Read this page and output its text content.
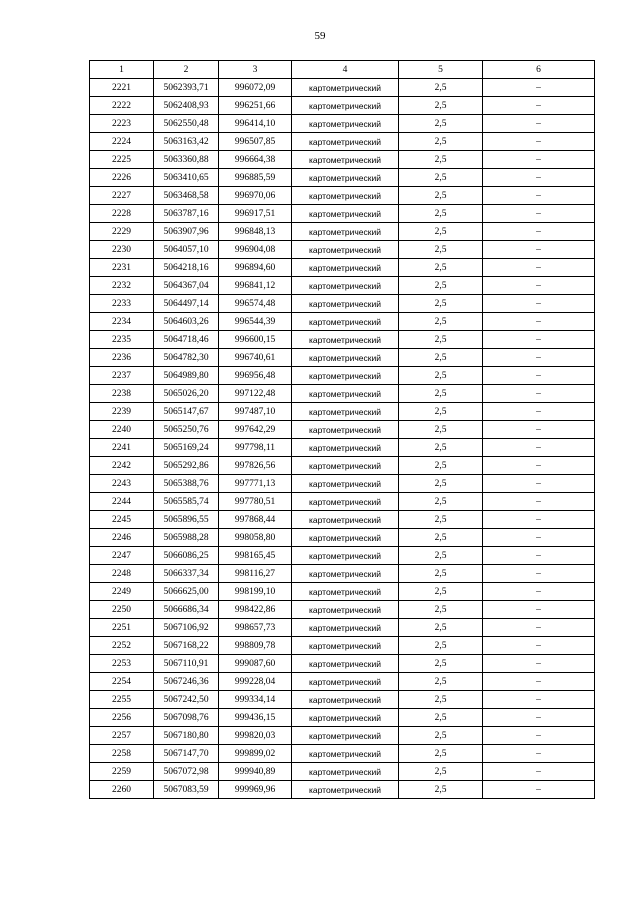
59
1	2	3	4	5	6
2221	5062393,71	996072,09	картометрический	2,5	–
2222	5062408,93	996251,66	картометрический	2,5	–
2223	5062550,48	996414,10	картометрический	2,5	–
2224	5063163,42	996507,85	картометрический	2,5	–
2225	5063360,88	996664,38	картометрический	2,5	–
2226	5063410,65	996885,59	картометрический	2,5	–
2227	5063468,58	996970,06	картометрический	2,5	–
2228	5063787,16	996917,51	картометрический	2,5	–
2229	5063907,96	996848,13	картометрический	2,5	–
2230	5064057,10	996904,08	картометрический	2,5	–
2231	5064218,16	996894,60	картометрический	2,5	–
2232	5064367,04	996841,12	картометрический	2,5	–
2233	5064497,14	996574,48	картометрический	2,5	–
2234	5064603,26	996544,39	картометрический	2,5	–
2235	5064718,46	996600,15	картометрический	2,5	–
2236	5064782,30	996740,61	картометрический	2,5	–
2237	5064989,80	996956,48	картометрический	2,5	–
2238	5065026,20	997122,48	картометрический	2,5	–
2239	5065147,67	997487,10	картометрический	2,5	–
2240	5065250,76	997642,29	картометрический	2,5	–
2241	5065169,24	997798,11	картометрический	2,5	–
2242	5065292,86	997826,56	картометрический	2,5	–
2243	5065388,76	997771,13	картометрический	2,5	–
2244	5065585,74	997780,51	картометрический	2,5	–
2245	5065896,55	997868,44	картометрический	2,5	–
2246	5065988,28	998058,80	картометрический	2,5	–
2247	5066086,25	998165,45	картометрический	2,5	–
2248	5066337,34	998116,27	картометрический	2,5	–
2249	5066625,00	998199,10	картометрический	2,5	–
2250	5066686,34	998422,86	картометрический	2,5	–
2251	5067106,92	998657,73	картометрический	2,5	–
2252	5067168,22	998809,78	картометрический	2,5	–
2253	5067110,91	999087,60	картометрический	2,5	–
2254	5067246,36	999228,04	картометрический	2,5	–
2255	5067242,50	999334,14	картометрический	2,5	–
2256	5067098,76	999436,15	картометрический	2,5	–
2257	5067180,80	999820,03	картометрический	2,5	–
2258	5067147,70	999899,02	картометрический	2,5	–
2259	5067072,98	999940,89	картометрический	2,5	–
2260	5067083,59	999969,96	картометрический	2,5	–
